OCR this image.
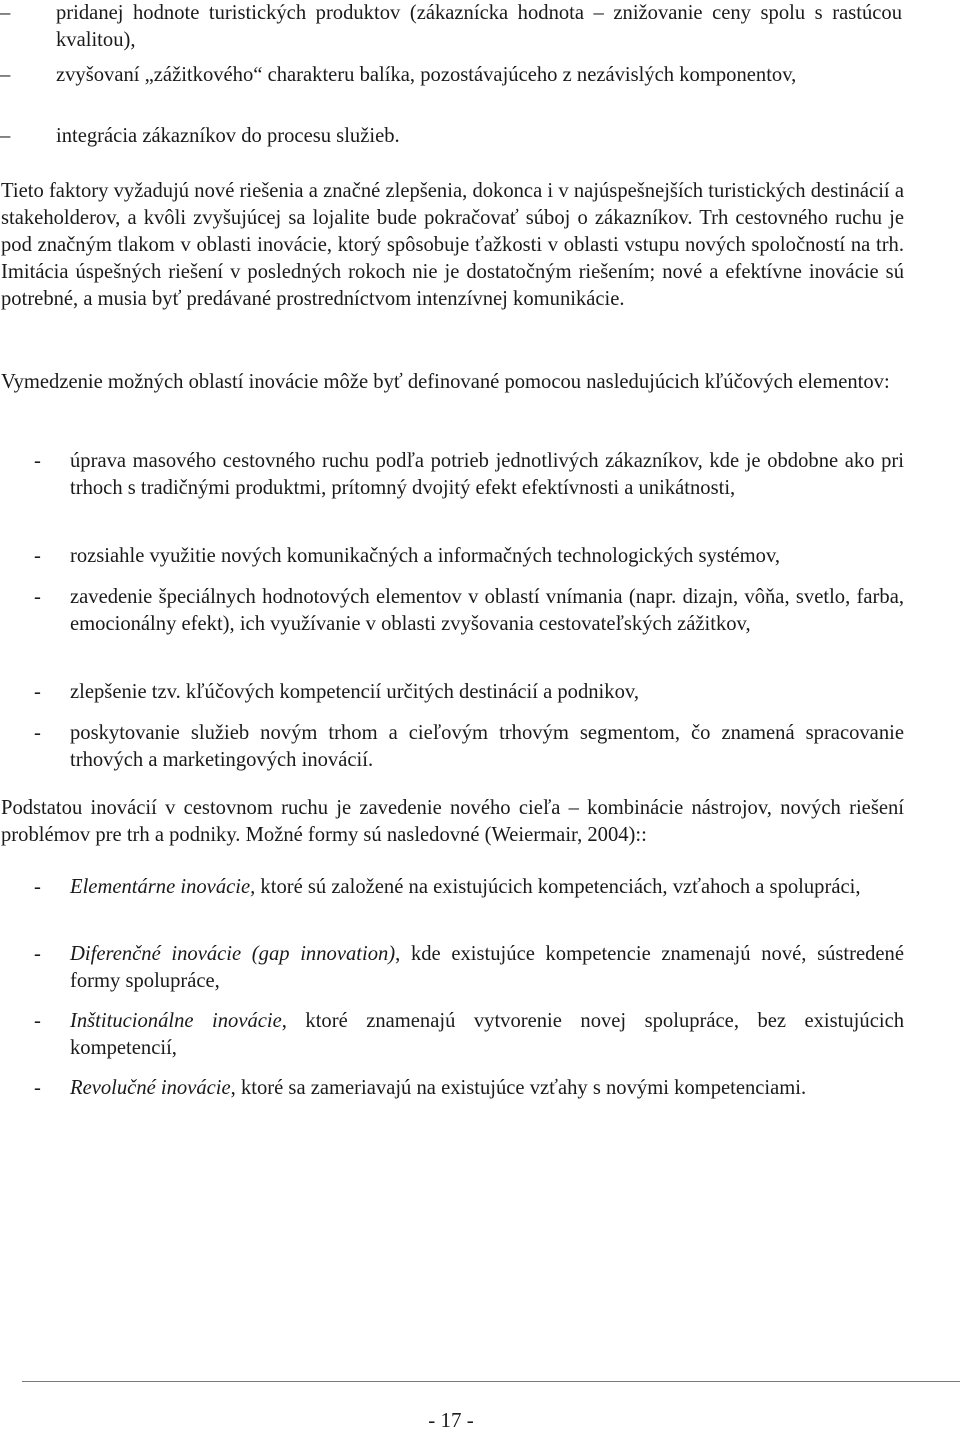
–	pridanej hodnote turistických produktov (zákaznícka hodnota – znižovanie ceny spolu s rastúcou kvalitou),
–	zvyšovaní „zážitkového“ charakteru balíka, pozostávajúceho z nezávislých komponentov,
–	integrácia zákazníkov do procesu služieb.

Tieto faktory vyžadujú nové riešenia a značné zlepšenia, dokonca i v najúspešnejších turistických destinácií a stakeholderov, a kvôli zvyšujúcej sa lojalite bude pokračovať súboj o zákazníkov. Trh cestovného ruchu je pod značným tlakom v oblasti inovácie, ktorý spôsobuje ťažkosti v oblasti vstupu nových spoločností na trh. Imitácia úspešných riešení v posledných rokoch nie je dostatočným riešením; nové a efektívne inovácie sú potrebné, a musia byť predávané prostredníctvom intenzívnej komunikácie.

Vymedzenie možných oblastí inovácie môže byť definované pomocou nasledujúcich kľúčových elementov:

- úprava masového cestovného ruchu podľa potrieb jednotlivých zákazníkov, kde je obdobne ako pri trhoch s tradičnými produktmi, prítomný dvojitý efekt efektívnosti a unikátnosti,
- rozsiahle využitie nových komunikačných a informačných technologických systémov,
- zavedenie špeciálnych hodnotových elementov v oblastí vnímania (napr. dizajn, vôňa, svetlo, farba, emocionálny efekt), ich využívanie v oblasti zvyšovania cestovateľských zážitkov,
- zlepšenie tzv. kľúčových kompetencií určitých destinácií a podnikov,
- poskytovanie služieb novým trhom a cieľovým trhovým segmentom, čo znamená spracovanie trhových a marketingových inovácií.

Podstatou inovácií v cestovnom ruchu je zavedenie nového cieľa – kombinácie nástrojov, nových riešení problémov pre trh a podniky. Možné formy sú nasledovné (Weiermair, 2004)::

- Elementárne inovácie, ktoré sú založené na existujúcich kompetenciách, vzťahoch a spolupráci,
- Diferenčné inovácie (gap innovation), kde existujúce kompetencie znamenajú nové, sústredené formy spolupráce,
- Inštitucionálne inovácie, ktoré znamenajú vytvorenie novej spolupráce, bez existujúcich kompetencií,
- Revolučné inovácie, ktoré sa zameriavajú na existujúce vzťahy s novými kompetenciami.
- 17 -
